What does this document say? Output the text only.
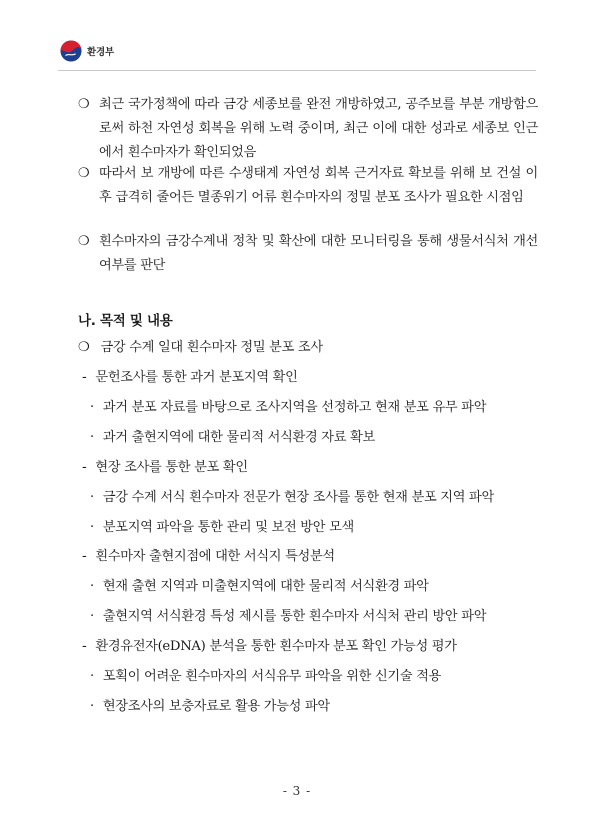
환경부
❍ 최근 국가정책에 따라 금강 세종보를 완전 개방하였고, 공주보를 부분 개방함으로써 하천 자연성 회복을 위해 노력 중이며, 최근 이에 대한 성과로 세종보 인근에서 흰수마자가 확인되었음
❍ 따라서 보 개방에 따른 수생태계 자연성 회복 근거자료 확보를 위해 보 건설 이후 급격히 줄어든 멸종위기 어류 흰수마자의 정밀 분포 조사가 필요한 시점임
❍ 흰수마자의 금강수계내 정착 및 확산에 대한 모니터링을 통해 생물서식처 개선 여부를 판단
나. 목적 및 내용
❍ 금강 수계 일대 흰수마자 정밀 분포 조사
- 문헌조사를 통한 과거 분포지역 확인
· 과거 분포 자료를 바탕으로 조사지역을 선정하고 현재 분포 유무 파악
· 과거 출현지역에 대한 물리적 서식환경 자료 확보
- 현장 조사를 통한 분포 확인
· 금강 수계 서식 흰수마자 전문가 현장 조사를 통한 현재 분포 지역 파악
· 분포지역 파악을 통한 관리 및 보전 방안 모색
- 흰수마자 출현지점에 대한 서식지 특성분석
· 현재 출현 지역과 미출현지역에 대한 물리적 서식환경 파악
· 출현지역 서식환경 특성 제시를 통한 흰수마자 서식처 관리 방안 파악
- 환경유전자(eDNA) 분석을 통한 흰수마자 분포 확인 가능성 평가
· 포획이 어려운 흰수마자의 서식유무 파악을 위한 신기술 적용
· 현장조사의 보충자료로 활용 가능성 파악
- 3 -
